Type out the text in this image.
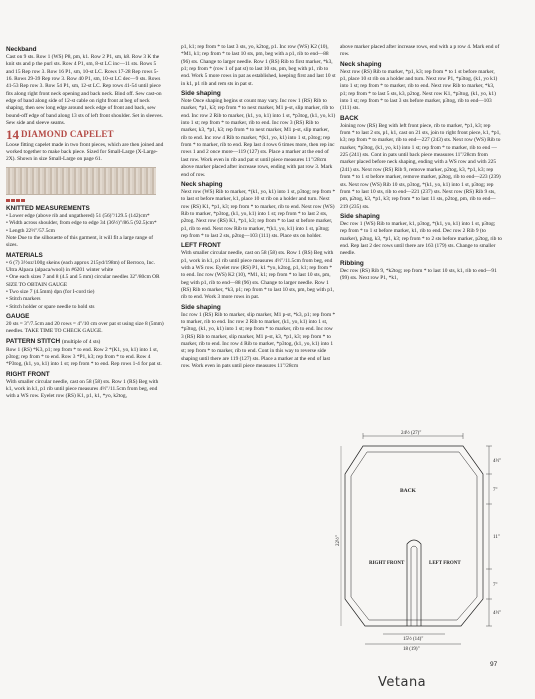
Neckband
Cast on 9 sts. Row 1 (WS) P8, pm, k1. Row 2 P1, sm, k8. Row 3 K the knit sts and p the purl sts. Row 4 P1, sm, 8-st LC inc—11 sts. Rows 5 and 15 Rep row 3. Row 16 P1, sm, 10-st LC. Rows 17-28 Rep rows 5-16. Rows 29-39 Rep row 3. Row 40 P1, sm, 10-st LC dec—9 sts. Rows 41-53 Rep row 3. Row 54 P1, sm, 12-st LC. Rep rows 41-54 until piece fits along right front neck opening and back neck. Bind off. Sew cast-on edge of band along side of 12-st cable on right front at beg of neck shaping, then sew long edge around neck edge of front and back, sew bound-off edge of band along 13 sts of left front shoulder. Set in sleeves. Sew side and sleeve seams.
14 DIAMOND CAPELET
Loose fitting capelet made in two front pieces, which are then joined and worked together to make back piece. Sized for Small-Large (X-Large-2X). Shown in size Small-Large on page 61.
KNITTED MEASUREMENTS
• Lower edge (above rib and ungathered) 51 (56)"/129.5 (142)cm*
• Width across shoulder, from edge to edge 34 (36½)"/86.5 (92.5)cm*
• Length 22½"/57.5cm
Note Due to the silhouette of this garment, it will fit a large range of sizes.
MATERIALS
• 6 (7) 3½oz/100g skeins (each approx 215yd/198m) of Berroco, Inc. Ultra Alpaca (alpaca/wool) in #6201 winter white
• One each sizes 7 and 8 (4.5 and 5 mm) circular needles 32"/80cm OR SIZE TO OBTAIN GAUGE
• Two size 7 (4.5mm) dpn (for I-cord tie)
• Stitch markers
• Stitch holder or spare needle to hold sts
GAUGE
20 sts = 3"/7.5cm and 20 rows = 4"/10 cm over pat st using size 8 (5mm) needles. TAKE TIME TO CHECK GAUGE.
PATTERN STITCH (multiple of 4 sts)
Row 1 (RS) *K3, p1; rep from * to end. Row 2 *(K1, yo, k1) into 1 st, p3tog; rep from * to end. Row 3 *P1, k3; rep from * to end. Row 4 *P3tog, (k1, yo, k1) into 1 st; rep from * to end. Rep rows 1-4 for pat st.
RIGHT FRONT
With smaller circular needle, cast on 58 (58) sts. Row 1 (RS) Beg with k1, work in k1, p1 rib until piece measures 4½"/11.5cm from beg, end with a WS row. Eyelet row (RS) K1, p1, k1, *yo, k2tog,
p1, k1; rep from * to last 3 sts, yo, k2tog, p1. Inc row (WS) K2 (10), *M1, k1; rep from * to last 10 sts, pm, beg with a p1, rib to end—88 (96) sts. Change to larger needle. Row 1 (RS) Rib to first marker, *k3, p1; rep from * (row 1 of pat st) to last 10 sts, pm, beg with p1, rib to end. Work 5 more rows in pat as established, keeping first and last 10 st in k1, p1 rib and rem sts in pat st.
Side shaping
Note Once shaping begins st count may vary. Inc row 1 (RS) Rib to marker, *p1, k3; rep from * to next marker, M1 p-st, slip marker, rib to end. Inc row 2 Rib to marker, (k1, yo, k1) into 1 st, *p3tog, (k1, yo, k1) into 1 st; rep from * to marker, rib to end. Inc row 3 (RS) Rib to marker, k3, *p1, k3; rep from * to next marker, M1 p-st, slip marker, rib to end. Inc row 4 Rib to marker, *(k1, yo, k1) into 1 st, p3tog; rep from * to marker, rib to end. Rep last 4 rows 6 times more, then rep inc rows 1 and 2 once more—119 (127) sts. Place a marker at the end of last row. Work even in rib and pat st until piece measures 11"/28cm above marker placed after increase rows, ending with pat row 3. Mark end of row.
Neck shaping
Next row (WS) Rib to marker, *(k1, yo, k1) into 1 st, p3tog; rep from * to last st before marker, k1, place 10 st rib on a holder and turn. Next row (RS) K1, *p1, k3; rep from * to marker, rib to end. Next row (WS) Rib to marker, *p3tog, (k1, yo, k1) into 1 st; rep from * to last 2 sts, p2tog. Next row (RS) K1, *p1, k3; rep from * to last st before marker, p1, rib to end. Next row Rib to marker, *(k1, yo, k1) into 1 st, p3tog; rep from * to last 2 sts, p2tog—103 (111) sts. Place sts on holder.
LEFT FRONT
With smaller circular needle, cast on 58 (58) sts. Row 1 (RS) Beg with p1, work in k1, p1 rib until piece measures 4½"/11.5cm from beg, end with a WS row. Eyelet row (RS) P1, k1 *yo, k2tog, p1, k1; rep from * to end. Inc row (WS) K2 (10), *M1, k1; rep from * to last 10 sts, pm, beg with p1, rib to end—88 (96) sts. Change to larger needle. Row 1 (RS) Rib to marker, *k3, p1; rep from * to last 10 sts, pm, beg with p1, rib to end. Work 3 more rows in pat.
Side shaping
Inc row 1 (RS) Rib to marker, slip marker, M1 p-st, *k3, p1; rep from * to marker, rib to end. Inc row 2 Rib to marker, (k1, yo, k1) into 1 st, *p3tog, (k1, yo, k1) into 1 st; rep from * to marker, rib to end. Inc row 3 (RS) Rib to marker, slip marker, M1 p-st, k3, *p1, k3; rep from * to marker, rib to end. Inc row 4 Rib to marker, *p3tog, (k1, yo, k1) into 1 st; rep from * to marker, rib to end. Cont in this way to reverse side shaping until there are 119 (127) sts. Place a marker at the end of last row. Work even in pats until piece measures 11"/28cm
above marker placed after increase rows, end with a p row 4. Mark end of row.
Neck shaping
Next row (RS) Rib to marker, *p1, k3; rep from * to 1 st before marker, p1, place 10 st rib on a holder and turn. Next row P1, *p3tog, (k1, yo k1) into 1 st; rep from * to marker, rib to end. Next row Rib to marker, *k3, p1; rep from * to last 5 sts, k3, p2tog. Next row K1, *p3tog, (k1, yo, k1) into 1 st; rep from * to last 3 sts before marker, p3tog, rib to end—103 (111) sts.
BACK
Joining row (RS) Beg with left front piece, rib to marker, *p1, k3; rep from * to last 2 sts, p1, k1, cast on 21 sts, join to right front piece, k1, *p1, k3; rep from * to marker, rib to end—227 (243) sts. Next row (WS) Rib to marker, *p3tog, (k1, yo, k1) into 1 st; rep from * to marker, rib to end —225 (241) sts. Cont in pats until back piece measures 11"/28cm from marker placed before neck shaping, ending with a WS row and with 225 (241) sts. Next row (RS) Rib 9, remove marker, p2tog, k3, *p1, k3; rep from * to 1 st before marker, remove marker, p2tog, rib to end—223 (239) sts. Next row (WS) Rib 10 sts, p3tog, *(k1, yo, k1) into 1 st, p3tog; rep from * to last 10 sts, rib to end—221 (237) sts. Next row (RS) Rib 9 sts, pm, p2tog, k3, *p1, k3; rep from * to last 11 sts, p2tog, pm, rib to end—219 (235) sts.
Side shaping
Dec row 1 (WS) Rib to marker, k1, p3tog, *(k1, yo, k1) into 1 st, p3tog; rep from * to 1 st before marker, k1, rib to end. Dec row 2 Rib 9 (to marker), p2tog, k3, *p1, k3; rep from * to 2 sts before marker, p2tog, rib to end. Rep last 2 dec rows until there are 163 (179) sts. Change to smaller needle.
Ribbing
Dec row (RS) Rib 9, *k2tog; rep from * to last 10 sts, k1, rib to end—91 (99) sts. Next row P1, *k1,
24½ (27)"
BACK
RIGHT FRONT	LEFT FRONT
15½ (14)"
18 (19)"
22½"
4½"
7"
11"
7"
4½"
97
Vetana
